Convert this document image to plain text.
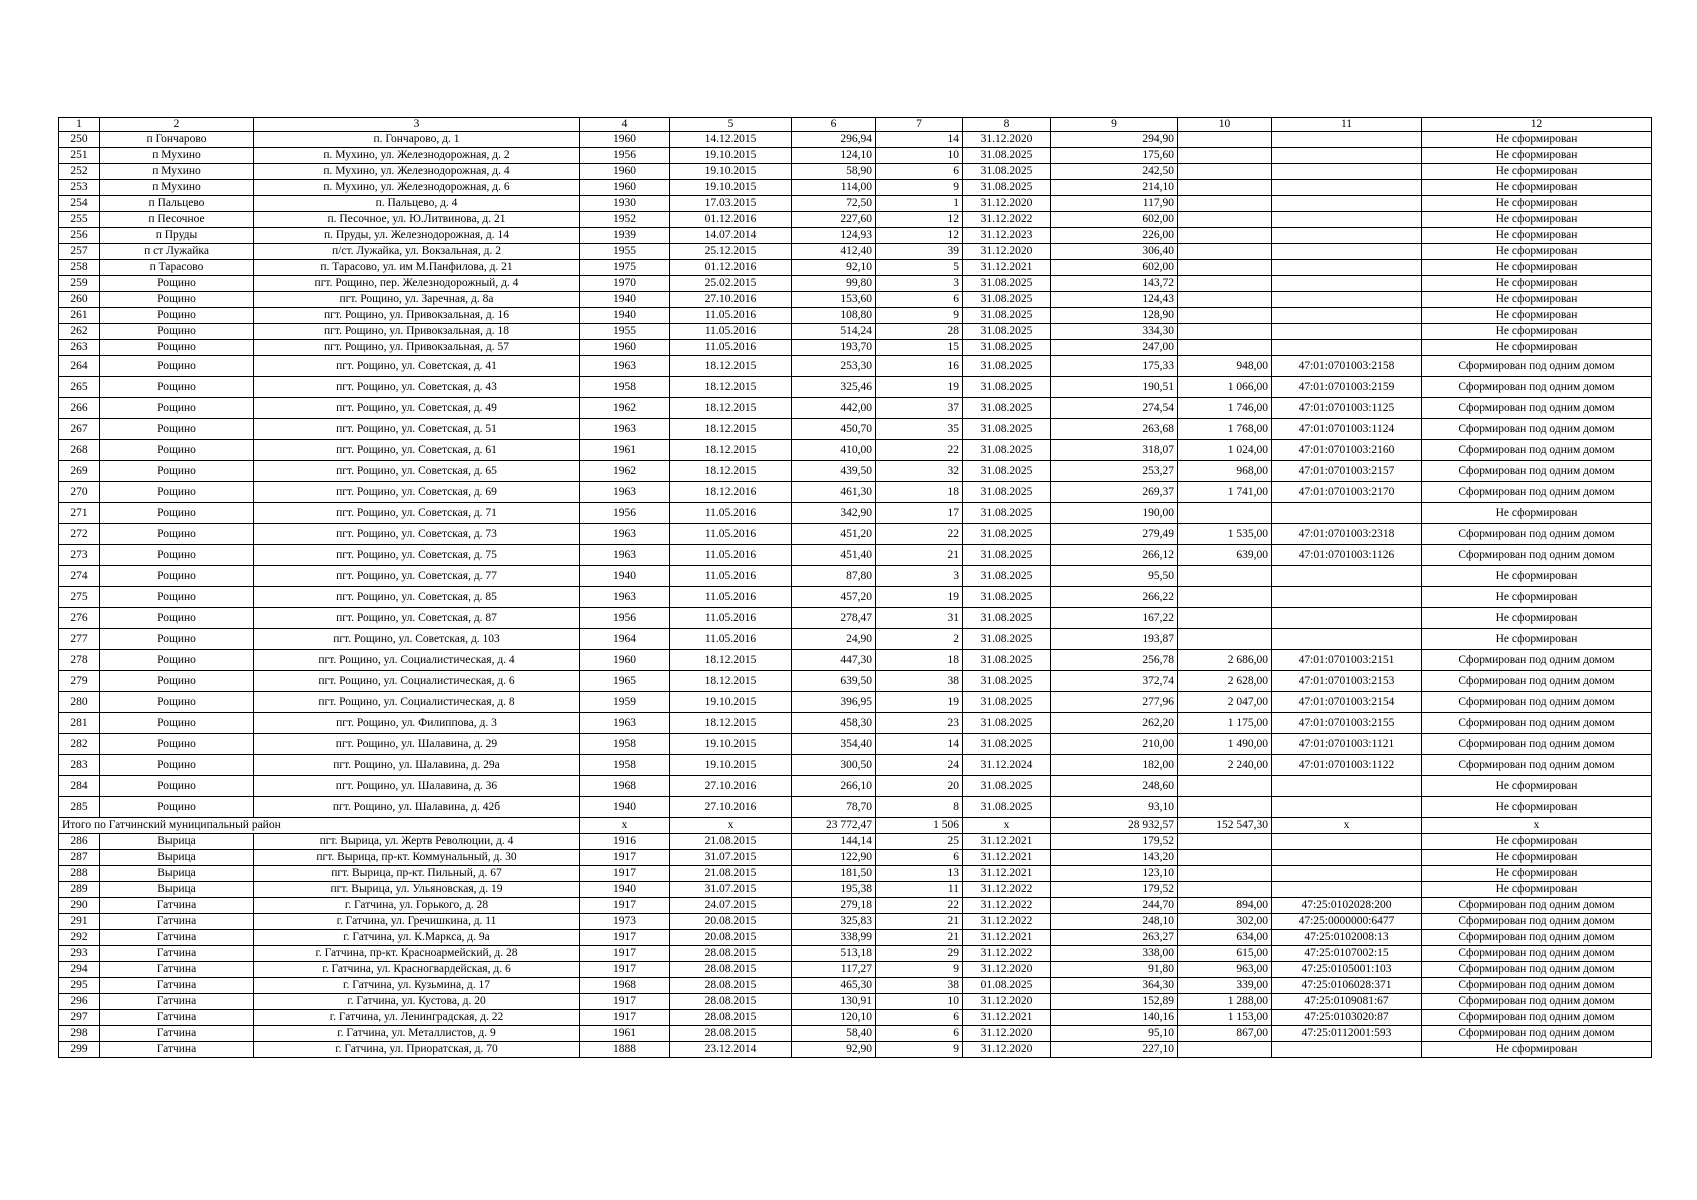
1	2	3	4	5	6	7	8	9	10	11	12
250	п Гончарово	п. Гончарово, д. 1	1960	14.12.2015	296,94	14	31.12.2020	294,90			Не сформирован
251	п Мухино	п. Мухино, ул. Железнодорожная, д. 2	1956	19.10.2015	124,10	10	31.08.2025	175,60			Не сформирован
252	п Мухино	п. Мухино, ул. Железнодорожная, д. 4	1960	19.10.2015	58,90	6	31.08.2025	242,50			Не сформирован
253	п Мухино	п. Мухино, ул. Железнодорожная, д. 6	1960	19.10.2015	114,00	9	31.08.2025	214,10			Не сформирован
254	п Пальцево	п. Пальцево, д. 4	1930	17.03.2015	72,50	1	31.12.2020	117,90			Не сформирован
255	п Песочное	п. Песочное, ул. Ю.Литвинова, д. 21	1952	01.12.2016	227,60	12	31.12.2022	602,00			Не сформирован
256	п Пруды	п. Пруды, ул. Железнодорожная, д. 14	1939	14.07.2014	124,93	12	31.12.2023	226,00			Не сформирован
257	п ст Лужайка	п/ст. Лужайка, ул. Вокзальная, д. 2	1955	25.12.2015	412,40	39	31.12.2020	306,40			Не сформирован
258	п Тарасово	п. Тарасово, ул. им М.Панфилова, д. 21	1975	01.12.2016	92,10	5	31.12.2021	602,00			Не сформирован
259	Рощино	пгт. Рощино, пер. Железнодорожный, д. 4	1970	25.02.2015	99,80	3	31.08.2025	143,72			Не сформирован
260	Рощино	пгт. Рощино, ул. Заречная, д. 8а	1940	27.10.2016	153,60	6	31.08.2025	124,43			Не сформирован
261	Рощино	пгт. Рощино, ул. Привокзальная, д. 16	1940	11.05.2016	108,80	9	31.08.2025	128,90			Не сформирован
262	Рощино	пгт. Рощино, ул. Привокзальная, д. 18	1955	11.05.2016	514,24	28	31.08.2025	334,30			Не сформирован
263	Рощино	пгт. Рощино, ул. Привокзальная, д. 57	1960	11.05.2016	193,70	15	31.08.2025	247,00			Не сформирован
264	Рощино	пгт. Рощино, ул. Советская, д. 41	1963	18.12.2015	253,30	16	31.08.2025	175,33	948,00	47:01:0701003:2158	Сформирован под одним домом
265	Рощино	пгт. Рощино, ул. Советская, д. 43	1958	18.12.2015	325,46	19	31.08.2025	190,51	1 066,00	47:01:0701003:2159	Сформирован под одним домом
266	Рощино	пгт. Рощино, ул. Советская, д. 49	1962	18.12.2015	442,00	37	31.08.2025	274,54	1 746,00	47:01:0701003:1125	Сформирован под одним домом
267	Рощино	пгт. Рощино, ул. Советская, д. 51	1963	18.12.2015	450,70	35	31.08.2025	263,68	1 768,00	47:01:0701003:1124	Сформирован под одним домом
268	Рощино	пгт. Рощино, ул. Советская, д. 61	1961	18.12.2015	410,00	22	31.08.2025	318,07	1 024,00	47:01:0701003:2160	Сформирован под одним домом
269	Рощино	пгт. Рощино, ул. Советская, д. 65	1962	18.12.2015	439,50	32	31.08.2025	253,27	968,00	47:01:0701003:2157	Сформирован под одним домом
270	Рощино	пгт. Рощино, ул. Советская, д. 69	1963	18.12.2016	461,30	18	31.08.2025	269,37	1 741,00	47:01:0701003:2170	Сформирован под одним домом
271	Рощино	пгт. Рощино, ул. Советская, д. 71	1956	11.05.2016	342,90	17	31.08.2025	190,00			Не сформирован
272	Рощино	пгт. Рощино, ул. Советская, д. 73	1963	11.05.2016	451,20	22	31.08.2025	279,49	1 535,00	47:01:0701003:2318	Сформирован под одним домом
273	Рощино	пгт. Рощино, ул. Советская, д. 75	1963	11.05.2016	451,40	21	31.08.2025	266,12	639,00	47:01:0701003:1126	Сформирован под одним домом
274	Рощино	пгт. Рощино, ул. Советская, д. 77	1940	11.05.2016	87,80	3	31.08.2025	95,50			Не сформирован
275	Рощино	пгт. Рощино, ул. Советская, д. 85	1963	11.05.2016	457,20	19	31.08.2025	266,22			Не сформирован
276	Рощино	пгт. Рощино, ул. Советская, д. 87	1956	11.05.2016	278,47	31	31.08.2025	167,22			Не сформирован
277	Рощино	пгт. Рощино, ул. Советская, д. 103	1964	11.05.2016	24,90	2	31.08.2025	193,87			Не сформирован
278	Рощино	пгт. Рощино, ул. Социалистическая, д. 4	1960	18.12.2015	447,30	18	31.08.2025	256,78	2 686,00	47:01:0701003:2151	Сформирован под одним домом
279	Рощино	пгт. Рощино, ул. Социалистическая, д. 6	1965	18.12.2015	639,50	38	31.08.2025	372,74	2 628,00	47:01:0701003:2153	Сформирован под одним домом
280	Рощино	пгт. Рощино, ул. Социалистическая, д. 8	1959	19.10.2015	396,95	19	31.08.2025	277,96	2 047,00	47:01:0701003:2154	Сформирован под одним домом
281	Рощино	пгт. Рощино, ул. Филиппова, д. 3	1963	18.12.2015	458,30	23	31.08.2025	262,20	1 175,00	47:01:0701003:2155	Сформирован под одним домом
282	Рощино	пгт. Рощино, ул. Шалавина, д. 29	1958	19.10.2015	354,40	14	31.08.2025	210,00	1 490,00	47:01:0701003:1121	Сформирован под одним домом
283	Рощино	пгт. Рощино, ул. Шалавина, д. 29а	1958	19.10.2015	300,50	24	31.12.2024	182,00	2 240,00	47:01:0701003:1122	Сформирован под одним домом
284	Рощино	пгт. Рощино, ул. Шалавина, д. 36	1968	27.10.2016	266,10	20	31.08.2025	248,60			Не сформирован
285	Рощино	пгт. Рощино, ул. Шалавина, д. 42б	1940	27.10.2016	78,70	8	31.08.2025	93,10			Не сформирован
Итого по Гатчинский муниципальный район			x	x	23 772,47	1 506	x	28 932,57	152 547,30	x	x
286	Вырица	пгт. Вырица, ул. Жертв Революции, д. 4	1916	21.08.2015	144,14	25	31.12.2021	179,52			Не сформирован
287	Вырица	пгт. Вырица, пр-кт. Коммунальный, д. 30	1917	31.07.2015	122,90	6	31.12.2021	143,20			Не сформирован
288	Вырица	пгт. Вырица, пр-кт. Пильный, д. 67	1917	21.08.2015	181,50	13	31.12.2021	123,10			Не сформирован
289	Вырица	пгт. Вырица, ул. Ульяновская, д. 19	1940	31.07.2015	195,38	11	31.12.2022	179,52			Не сформирован
290	Гатчина	г. Гатчина, ул. Горького, д. 28	1917	24.07.2015	279,18	22	31.12.2022	244,70	894,00	47:25:0102028:200	Сформирован под одним домом
291	Гатчина	г. Гатчина, ул. Гречишкина, д. 11	1973	20.08.2015	325,83	21	31.12.2022	248,10	302,00	47:25:0000000:6477	Сформирован под одним домом
292	Гатчина	г. Гатчина, ул. К.Маркса, д. 9а	1917	20.08.2015	338,99	21	31.12.2021	263,27	634,00	47:25:0102008:13	Сформирован под одним домом
293	Гатчина	г. Гатчина, пр-кт. Красноармейский, д. 28	1917	28.08.2015	513,18	29	31.12.2022	338,00	615,00	47:25:0107002:15	Сформирован под одним домом
294	Гатчина	г. Гатчина, ул. Красногвардейская, д. 6	1917	28.08.2015	117,27	9	31.12.2020	91,80	963,00	47:25:0105001:103	Сформирован под одним домом
295	Гатчина	г. Гатчина, ул. Кузьмина, д. 17	1968	28.08.2015	465,30	38	01.08.2025	364,30	339,00	47:25:0106028:371	Сформирован под одним домом
296	Гатчина	г. Гатчина, ул. Кустова, д. 20	1917	28.08.2015	130,91	10	31.12.2020	152,89	1 288,00	47:25:0109081:67	Сформирован под одним домом
297	Гатчина	г. Гатчина, ул. Ленинградская, д. 22	1917	28.08.2015	120,10	6	31.12.2021	140,16	1 153,00	47:25:0103020:87	Сформирован под одним домом
298	Гатчина	г. Гатчина, ул. Металлистов, д. 9	1961	28.08.2015	58,40	6	31.12.2020	95,10	867,00	47:25:0112001:593	Сформирован под одним домом
299	Гатчина	г. Гатчина, ул. Приоратская, д. 70	1888	23.12.2014	92,90	9	31.12.2020	227,10			Не сформирован
